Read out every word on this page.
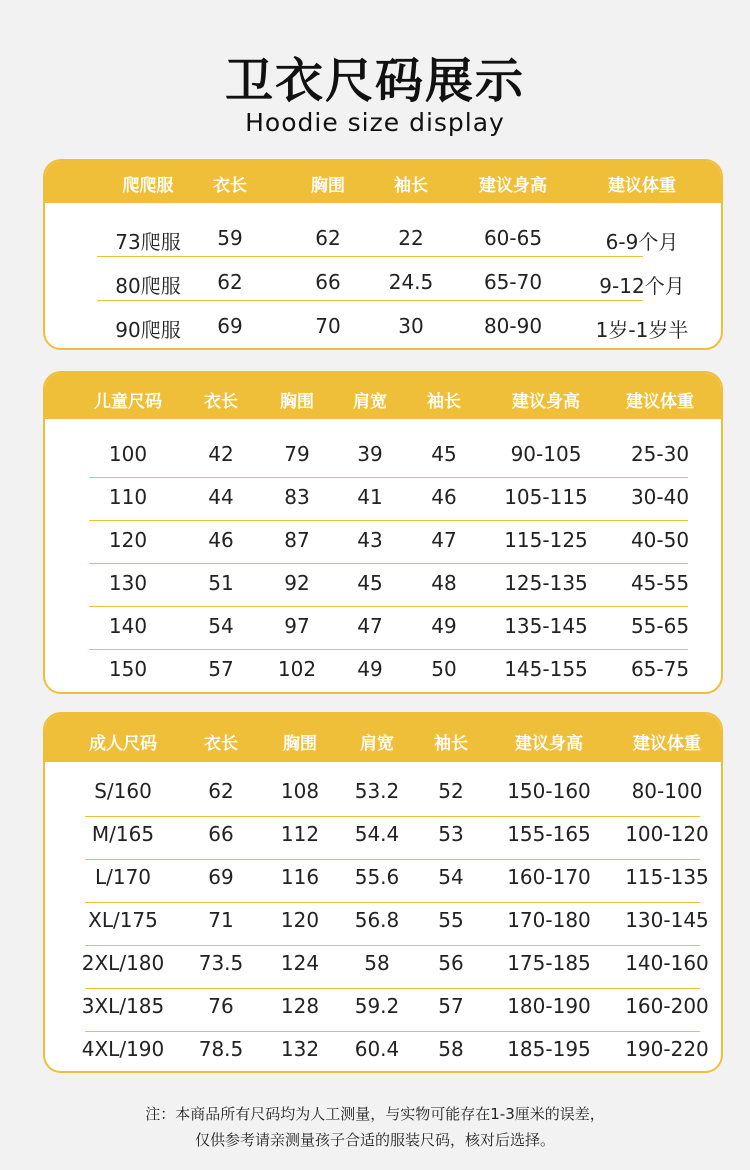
卫衣尺码展示
Hoodie size display
爬爬服 衣长	胸围	袖长	建议身高	建议体重
73爬服 59	62	22	60-65	6-9个月
80爬服 62	66 24.5	65-70	9-12个月
90爬服 69	70	30	80-90	1岁-1岁半
儿童尺码 衣长 胸围 肩宽 袖长	建议身高	建议体重
100	42	79 39 45	90-105 25-30
110	44	83 41 46 105-115 30-40
120	46	87 43 47 115-125 40-50
130	51	92 45 48 125-135 45-55
140	54	97 47 49 135-145 55-65
150	57 102 49 50 145-155 65-75
成人尺码	衣长	胸围	肩宽 袖长	建议身高	建议体重
S/160	62 108 53.2 52 150-160 80-100
M/165	66 112 54.4 53 155-165 100-120
L/170	69 116 55.6 54 160-170 115-135
XL/175	71 120 56.8 55 170-180 130-145
2XL/180 73.5 124 58 56 175-185 140-160
3XL/185 76 128 59.2 57 180-190 160-200
4XL/190 78.5 132 60.4 58 185-195 190-220
注：本商品所有尺码均为人工测量，与实物可能存在1-3厘米的误差，
仅供参考请亲测量孩子合适的服装尺码，核对后选择。
